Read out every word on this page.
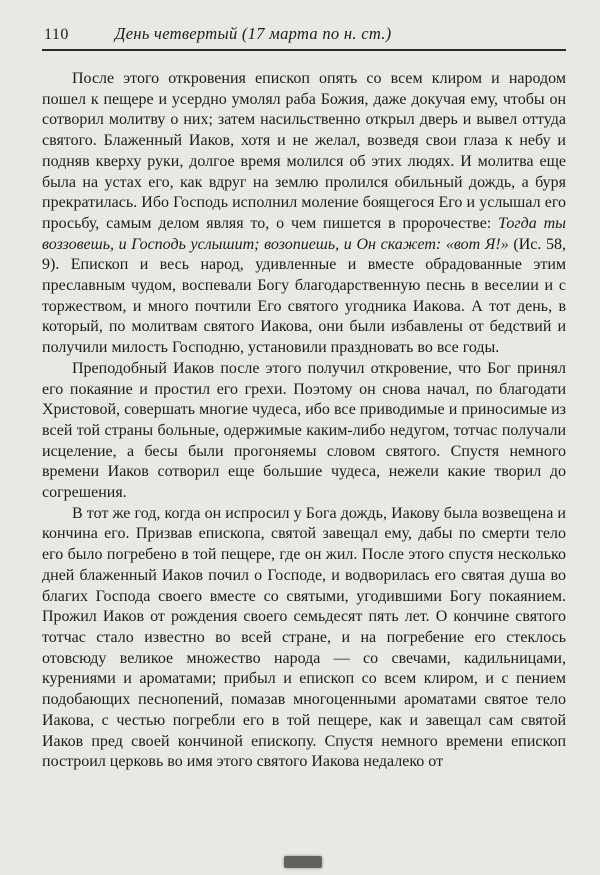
110	День четвертый (17 марта по н. ст.)

После этого откровения епископ опять со всем клиром и народом пошел к пещере и усердно умолял раба Божия, даже докучая ему, чтобы он сотворил молитву о них; затем насильственно открыл дверь и вывел оттуда святого. Блаженный Иаков, хотя и не желал, возведя свои глаза к небу и подняв кверху руки, долгое время молился об этих людях. И молитва еще была на устах его, как вдруг на землю пролился обильный дождь, а буря прекратилась. Ибо Господь исполнил моление боящегося Его и услышал его просьбу, самым делом являя то, о чем пишется в пророчестве: Тогда ты воззовешь, и Господь услышит; возопиешь, и Он скажет: «вот Я!» (Ис. 58, 9). Епископ и весь народ, удивленные и вместе обрадованные этим преславным чудом, воспевали Богу благодарственную песнь в веселии и с торжеством, и много почтили Его святого угодника Иакова. А тот день, в который, по молитвам святого Иакова, они были избавлены от бедствий и получили милость Господню, установили праздновать во все годы.

Преподобный Иаков после этого получил откровение, что Бог принял его покаяние и простил его грехи. Поэтому он снова начал, по благодати Христовой, совершать многие чудеса, ибо все приводимые и приносимые из всей той страны больные, одержимые каким-либо недугом, тотчас получали исцеление, а бесы были прогоняемы словом святого. Спустя немного времени Иаков сотворил еще большие чудеса, нежели какие творил до согрешения.

В тот же год, когда он испросил у Бога дождь, Иакову была возвещена и кончина его. Призвав епископа, святой завещал ему, дабы по смерти тело его было погребено в той пещере, где он жил. После этого спустя несколько дней блаженный Иаков почил о Господе, и водворилась его святая душа во благих Господа своего вместе со святыми, угодившими Богу покаянием. Прожил Иаков от рождения своего семьдесят пять лет. О кончине святого тотчас стало известно во всей стране, и на погребение его стеклось отовсюду великое множество народа — со свечами, кадильницами, курениями и ароматами; прибыл и епископ со всем клиром, и с пением подобающих песнопений, помазав многоценными ароматами святое тело Иакова, с честью погребли его в той пещере, как и завещал сам святой Иаков пред своей кончиной епископу. Спустя немного времени епископ построил церковь во имя этого святого Иакова недалеко от
